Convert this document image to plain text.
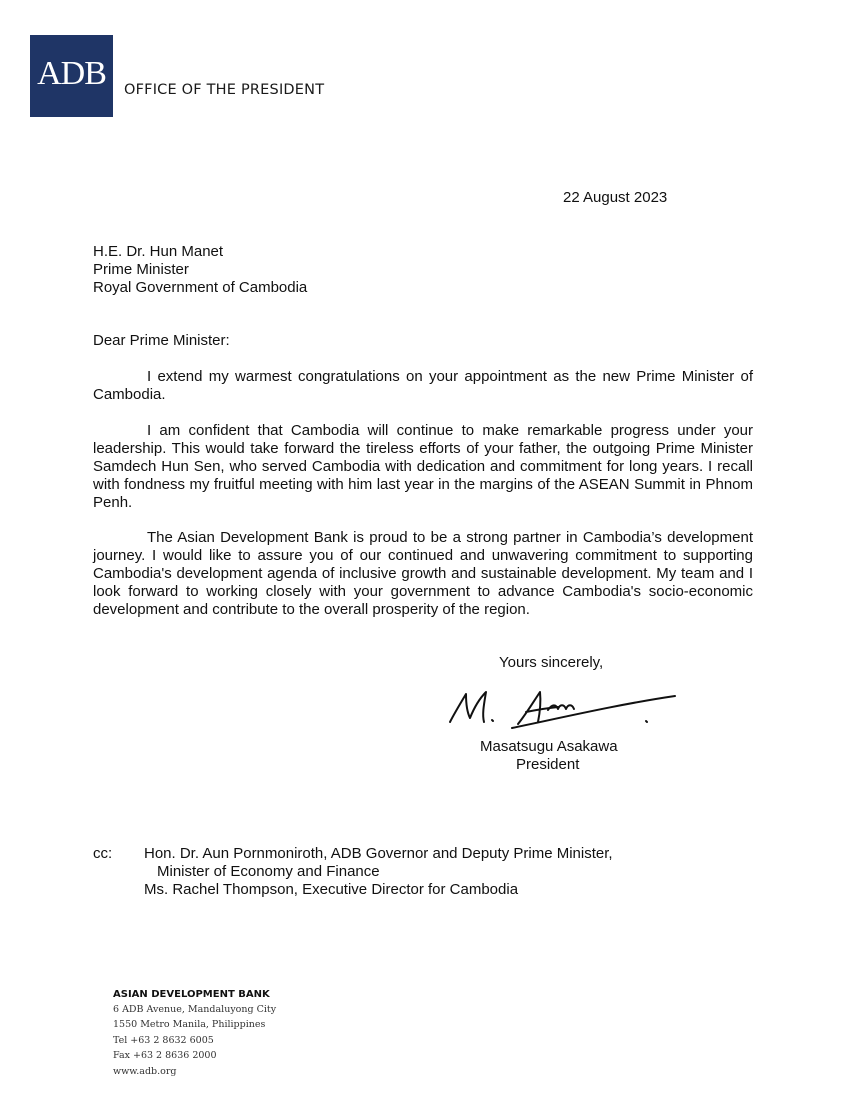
ADB OFFICE OF THE PRESIDENT
22 August 2023
H.E. Dr. Hun Manet
Prime Minister
Royal Government of Cambodia
Dear Prime Minister:
I extend my warmest congratulations on your appointment as the new Prime Minister of Cambodia.
I am confident that Cambodia will continue to make remarkable progress under your leadership. This would take forward the tireless efforts of your father, the outgoing Prime Minister Samdech Hun Sen, who served Cambodia with dedication and commitment for long years. I recall with fondness my fruitful meeting with him last year in the margins of the ASEAN Summit in Phnom Penh.
The Asian Development Bank is proud to be a strong partner in Cambodia’s development journey. I would like to assure you of our continued and unwavering commitment to supporting Cambodia's development agenda of inclusive growth and sustainable development. My team and I look forward to working closely with your government to advance Cambodia's socio-economic development and contribute to the overall prosperity of the region.
Yours sincerely,
Masatsugu Asakawa
President
cc: Hon. Dr. Aun Pornmoniroth, ADB Governor and Deputy Prime Minister,
Minister of Economy and Finance
Ms. Rachel Thompson, Executive Director for Cambodia
ASIAN DEVELOPMENT BANK
6 ADB Avenue, Mandaluyong City
1550 Metro Manila, Philippines
Tel +63 2 8632 6005
Fax +63 2 8636 2000
www.adb.org
